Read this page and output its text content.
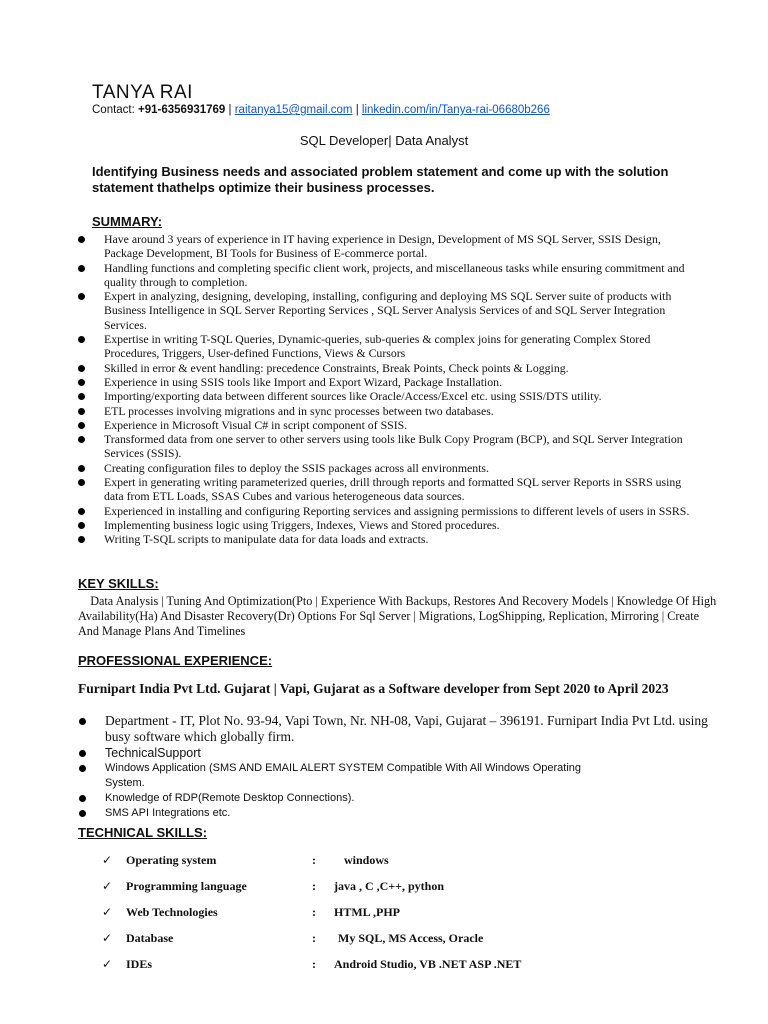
TANYA RAI
Contact: +91-6356931769 | raitanya15@gmail.com | linkedin.com/in/Tanya-rai-06680b266
SQL Developer| Data Analyst
Identifying Business needs and associated problem statement and come up with the solution statement thathelps optimize their business processes.
SUMMARY:
Have around 3 years of experience in IT having experience in Design, Development of MS SQL Server, SSIS Design, Package Development, BI Tools for Business of E-commerce portal.
Handling functions and completing specific client work, projects, and miscellaneous tasks while ensuring commitment and quality through to completion.
Expert in analyzing, designing, developing, installing, configuring and deploying MS SQL Server suite of products with Business Intelligence in SQL Server Reporting Services , SQL Server Analysis Services of and SQL Server Integration Services.
Expertise in writing T-SQL Queries, Dynamic-queries, sub-queries & complex joins for generating Complex Stored Procedures, Triggers, User-defined Functions, Views & Cursors
Skilled in error & event handling: precedence Constraints, Break Points, Check points & Logging.
Experience in using SSIS tools like Import and Export Wizard, Package Installation.
Importing/exporting data between different sources like Oracle/Access/Excel etc. using SSIS/DTS utility.
ETL processes involving migrations and in sync processes between two databases.
Experience in Microsoft Visual C# in script component of SSIS.
Transformed data from one server to other servers using tools like Bulk Copy Program (BCP), and SQL Server Integration Services (SSIS).
Creating configuration files to deploy the SSIS packages across all environments.
Expert in generating writing parameterized queries, drill through reports and formatted SQL server Reports in SSRS using data from ETL Loads, SSAS Cubes and various heterogeneous data sources.
Experienced in installing and configuring Reporting services and assigning permissions to different levels of users in SSRS.
Implementing business logic using Triggers, Indexes, Views and Stored procedures.
Writing T-SQL scripts to manipulate data for data loads and extracts.
KEY SKILLS:
Data Analysis | Tuning And Optimization(Pto | Experience With Backups, Restores And Recovery Models | Knowledge Of High Availability(Ha) And Disaster Recovery(Dr) Options For Sql Server | Migrations, LogShipping, Replication, Mirroring | Create And Manage Plans And Timelines
PROFESSIONAL EXPERIENCE:
Furnipart India Pvt Ltd. Gujarat | Vapi, Gujarat as a Software developer from Sept 2020 to April 2023
Department - IT, Plot No. 93-94, Vapi Town, Nr. NH-08, Vapi, Gujarat – 396191. Furnipart India Pvt Ltd. using busy software which globally firm.
TechnicalSupport
Windows Application (SMS AND EMAIL ALERT SYSTEM Compatible With All Windows Operating System.
Knowledge of RDP(Remote Desktop Connections).
SMS API Integrations etc.
TECHNICAL SKILLS:
✓	Operating system	:	windows
✓	Programming language	:	java , C ,C++, python
✓	Web Technologies	:	HTML ,PHP
✓	Database	:	My SQL, MS Access, Oracle
✓	IDEs	:	Android Studio, VB .NET ASP .NET
